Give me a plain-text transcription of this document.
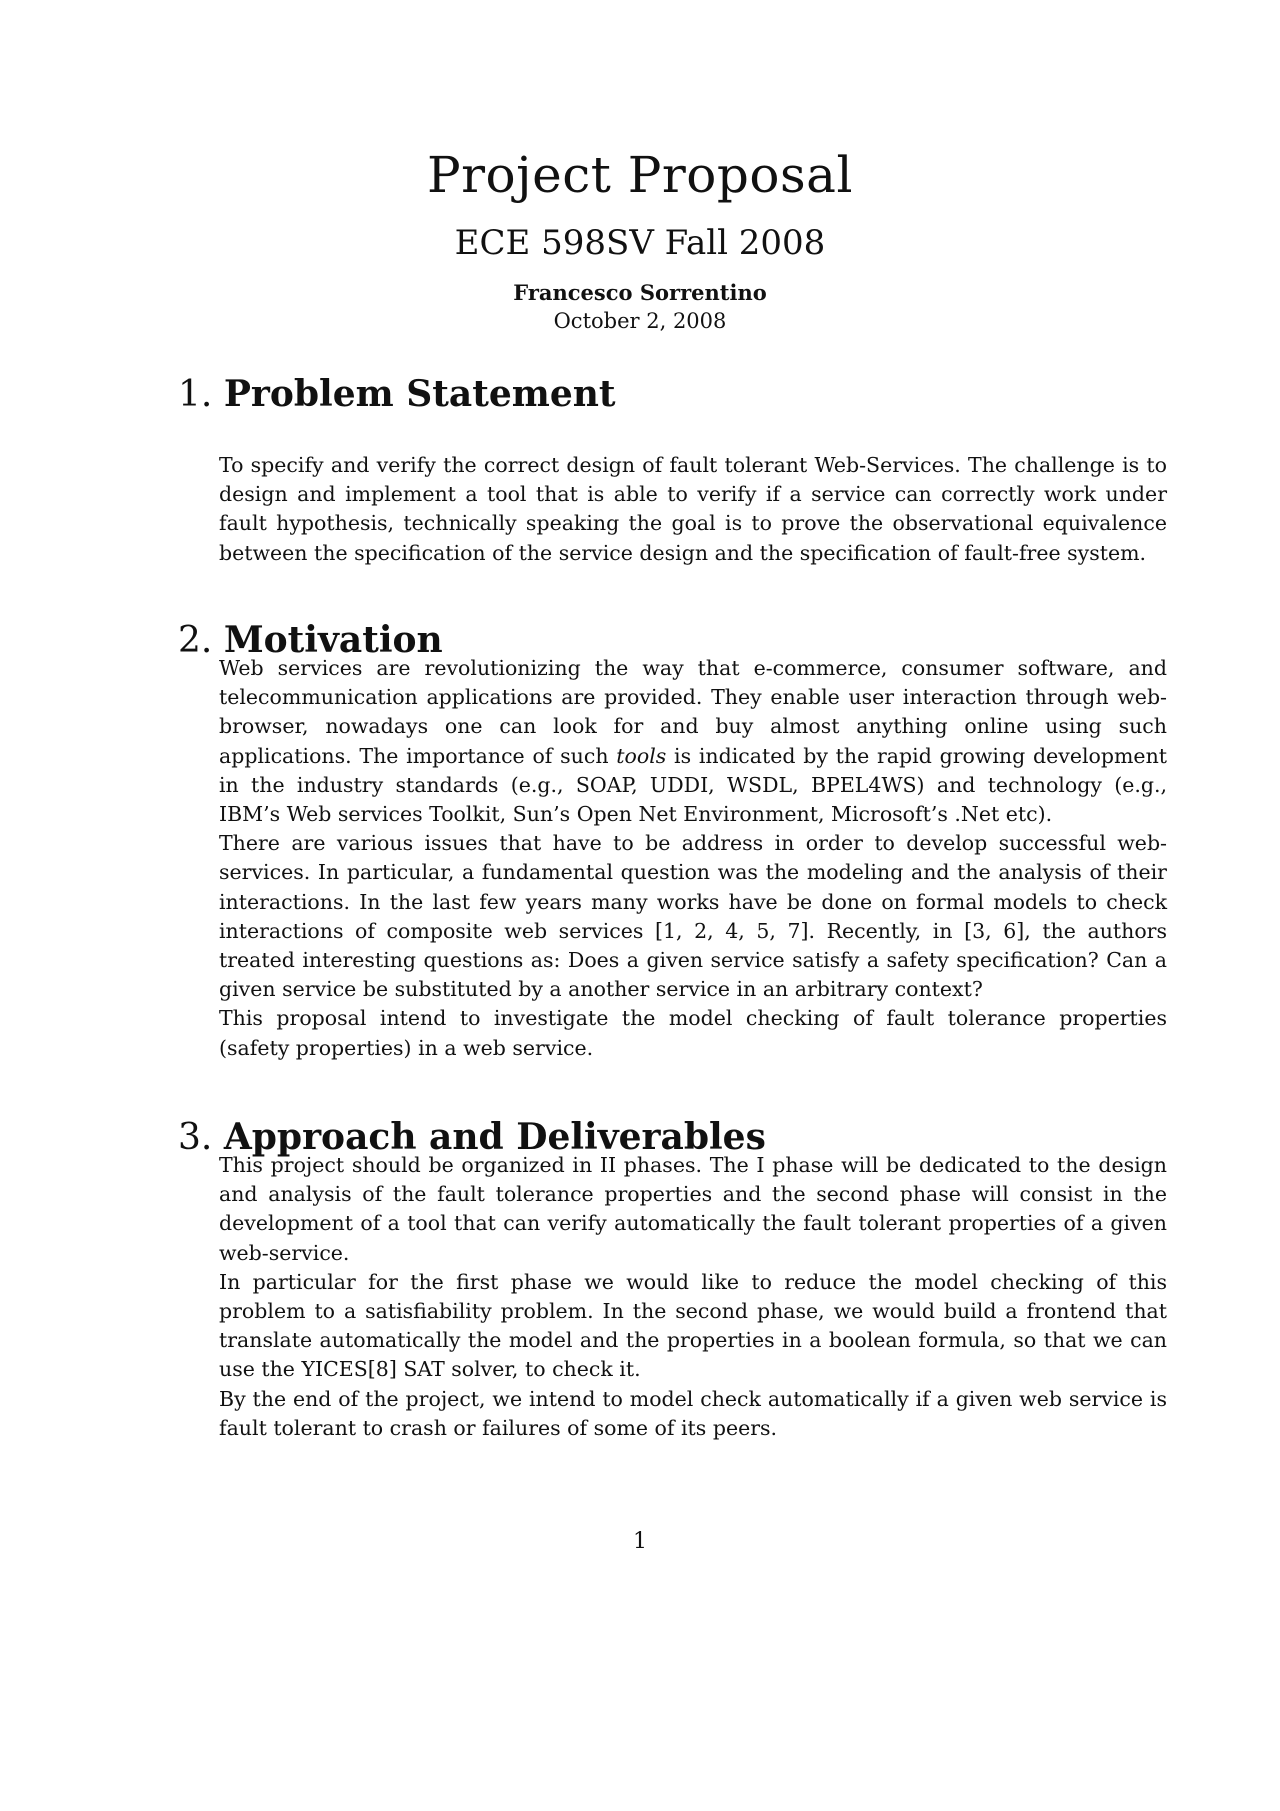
Project Proposal
ECE 598SV Fall 2008
Francesco Sorrentino
October 2, 2008
1. Problem Statement

To specify and verify the correct design of fault tolerant Web-Services. The challenge is to design and implement a tool that is able to verify if a service can correctly work under fault hypothesis, technically speaking the goal is to prove the observational equivalence between the specification of the service design and the specification of fault-free system.

2. Motivation

Web services are revolutionizing the way that e-commerce, consumer software, and telecommunication applications are provided. They enable user interaction through web-browser, nowadays one can look for and buy almost anything online using such applications. The importance of such tools is indicated by the rapid growing development in the industry standards (e.g., SOAP, UDDI, WSDL, BPEL4WS) and technology (e.g., IBM’s Web services Toolkit, Sun’s Open Net Environment, Microsoft’s .Net etc).

There are various issues that have to be address in order to develop successful web-services. In particular, a fundamental question was the modeling and the analysis of their interactions. In the last few years many works have be done on formal models to check interactions of composite web services [1, 2, 4, 5, 7]. Recently, in [3, 6], the authors treated interesting questions as: Does a given service satisfy a safety specification? Can a given service be substituted by a another service in an arbitrary context?

This proposal intend to investigate the model checking of fault tolerance properties (safety properties) in a web service.

3. Approach and Deliverables

This project should be organized in II phases. The I phase will be dedicated to the design and analysis of the fault tolerance properties and the second phase will consist in the development of a tool that can verify automatically the fault tolerant properties of a given web-service.

In particular for the first phase we would like to reduce the model checking of this problem to a satisfiability problem. In the second phase, we would build a frontend that translate automatically the model and the properties in a boolean formula, so that we can use the YICES[8] SAT solver, to check it.

By the end of the project, we intend to model check automatically if a given web service is fault tolerant to crash or failures of some of its peers.

1
